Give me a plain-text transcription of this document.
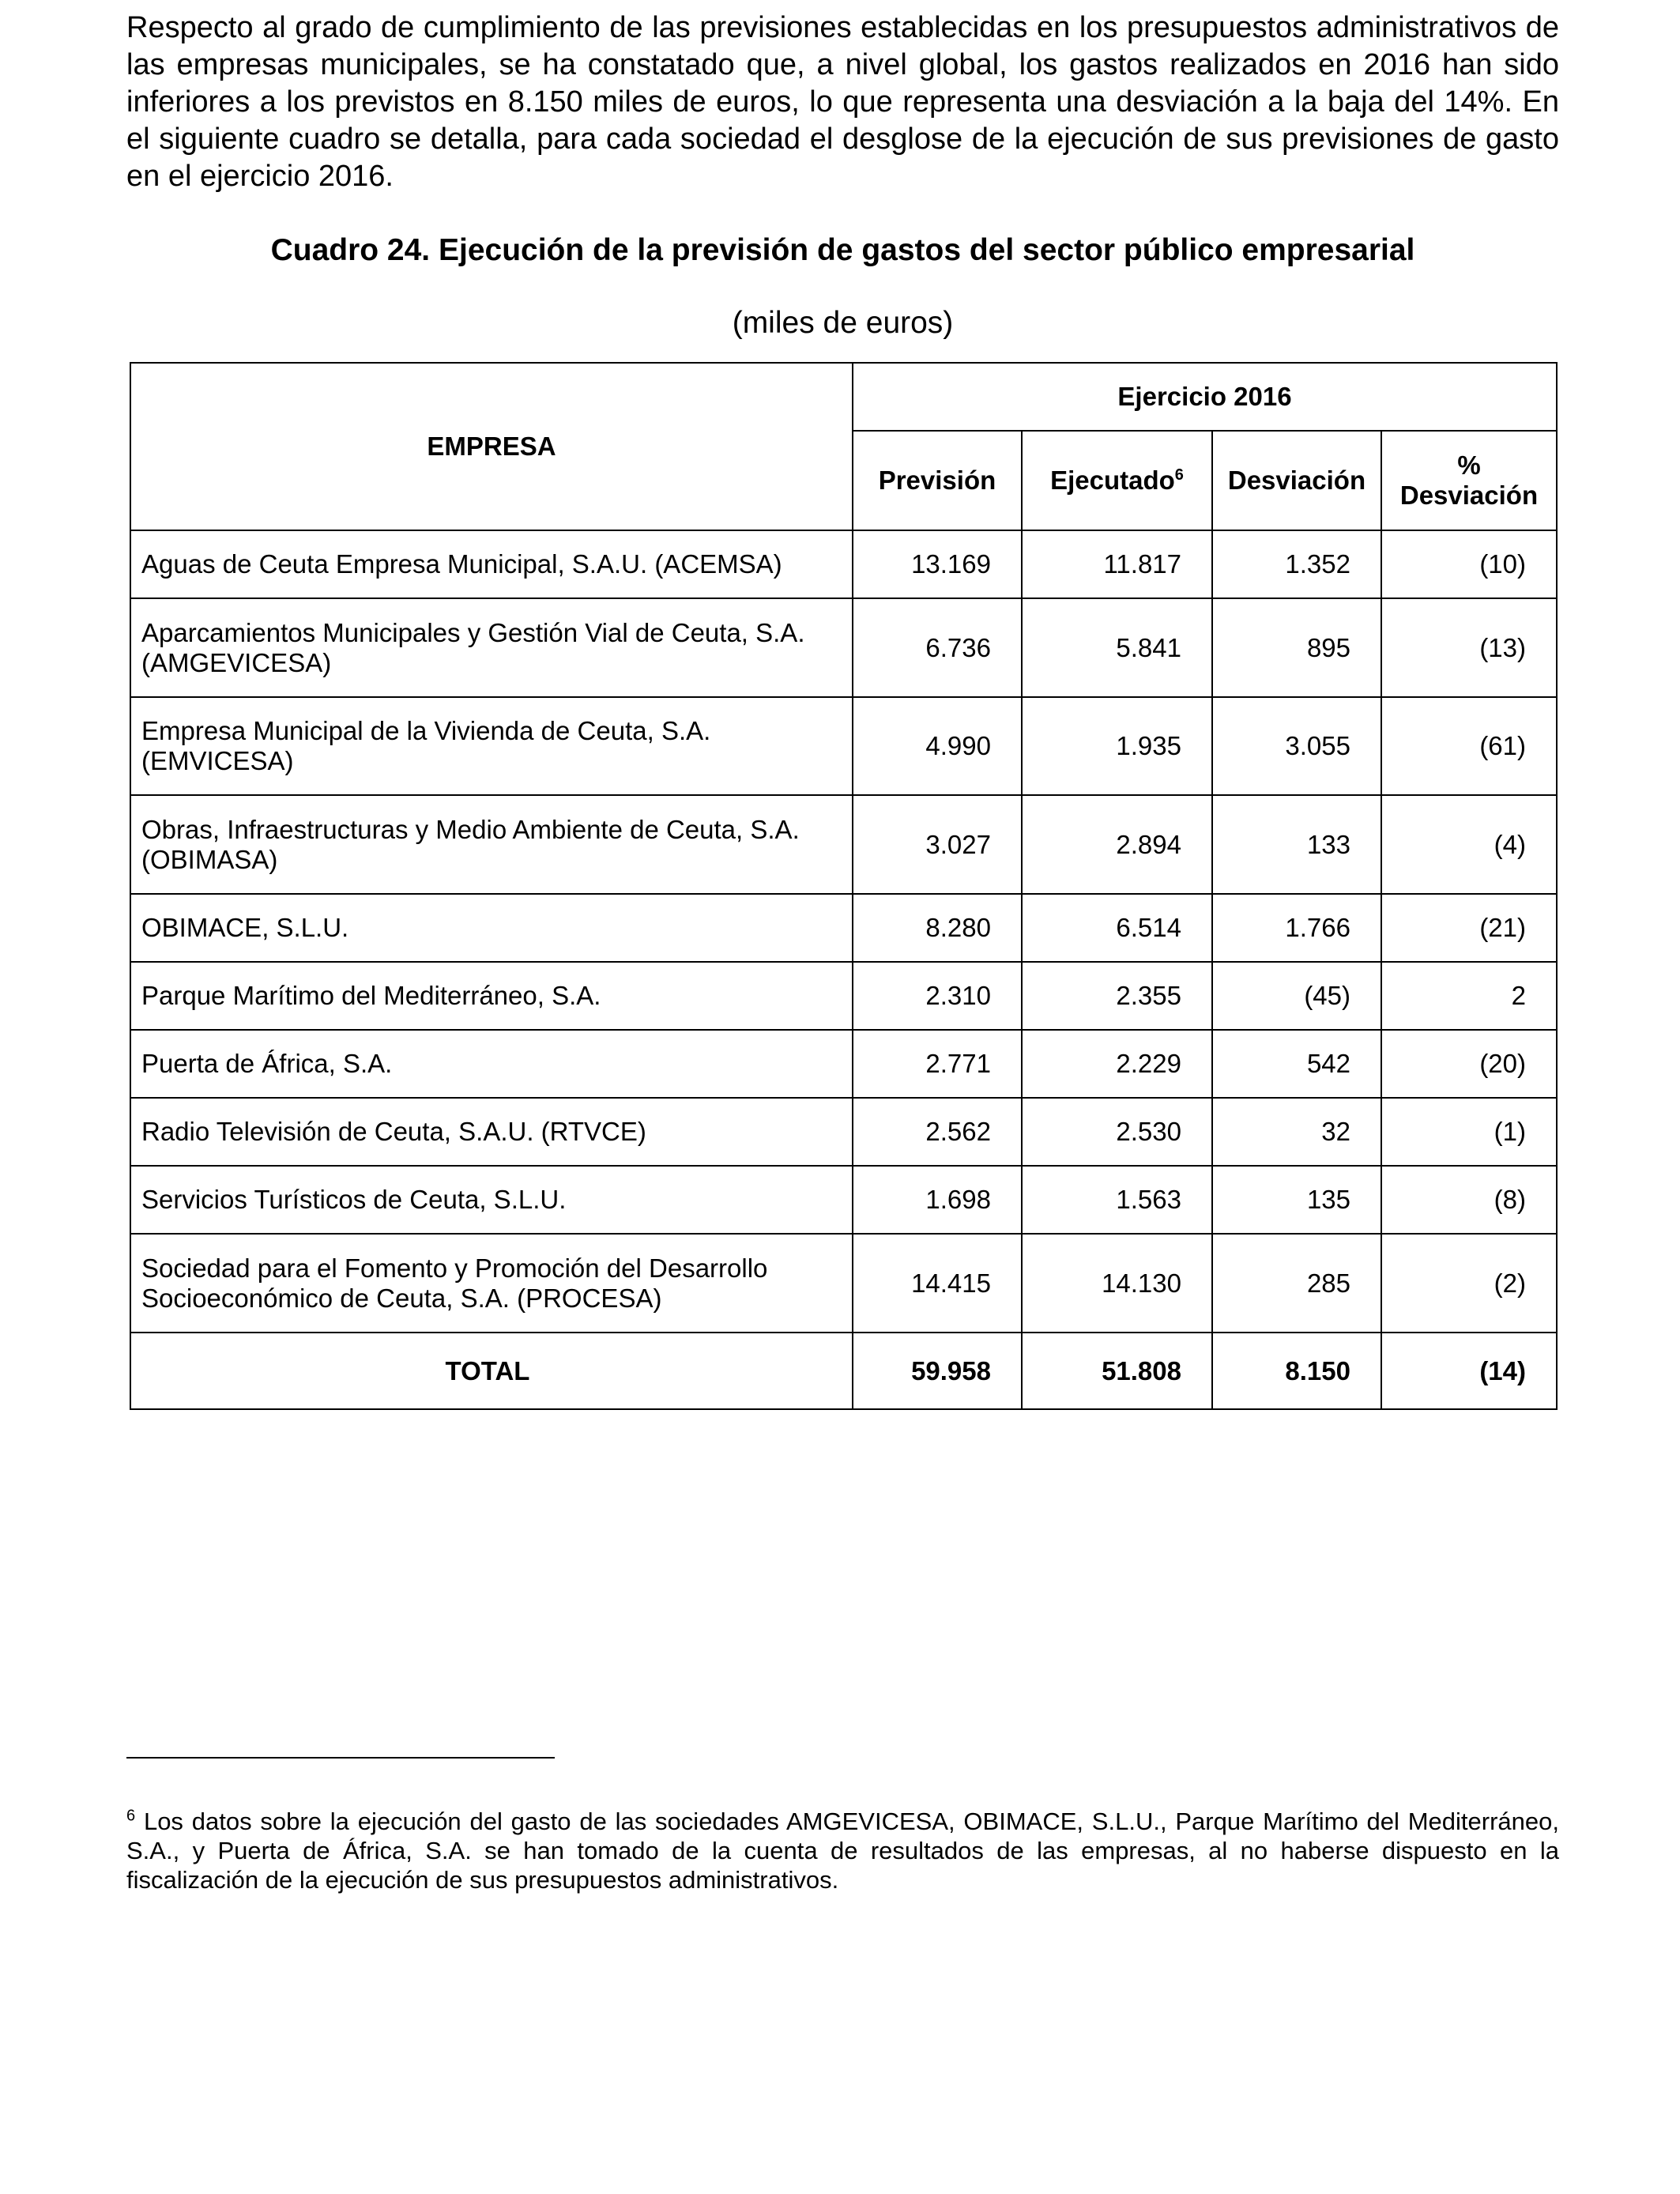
Respecto al grado de cumplimiento de las previsiones establecidas en los presupuestos administrativos de las empresas municipales, se ha constatado que, a nivel global, los gastos realizados en 2016 han sido inferiores a los previstos en 8.150 miles de euros, lo que representa una desviación a la baja del 14%. En el siguiente cuadro se detalla, para cada sociedad el desglose de la ejecución de sus previsiones de gasto en el ejercicio 2016.

Cuadro 24. Ejecución de la previsión de gastos del sector público empresarial

(miles de euros)

EMPRESA	Ejercicio 2016			
	Previsión	Ejecutado$^6$	Desviación	%
Desviación

Aguas de Ceuta Empresa Municipal, S.A.U. (ACEMSA)	13.169	11.817	1.352	(10)

Aparcamientos Municipales y Gestión Vial de Ceuta, S.A.
(AMGEVICESA)	6.736	5.841	895	(13)

Empresa Municipal de la Vivienda de Ceuta, S.A.
(EMVICESA)	4.990	1.935	3.055	(61)

Obras, Infraestructuras y Medio Ambiente de Ceuta, S.A.
(OBIMASA)	3.027	2.894	133	(4)

OBIMACE, S.L.U.	8.280	6.514	1.766	(21)

Parque Marítimo del Mediterráneo, S.A.	2.310	2.355	(45)	2

Puerta de África, S.A.	2.771	2.229	542	(20)

Radio Televisión de Ceuta, S.A.U. (RTVCE)	2.562	2.530	32	(1)

Servicios Turísticos de Ceuta, S.L.U.	1.698	1.563	135	(8)

Sociedad para el Fomento y Promoción del Desarrollo
Socioeconómico de Ceuta, S.A. (PROCESA)	14.415	14.130	285	(2)
TOTAL	59.958	51.808	8.150	(14)

$^6$ Los datos sobre la ejecución del gasto de las sociedades AMGEVICESA, OBIMACE, S.L.U., Parque Marítimo del Mediterráneo, S.A., y Puerta de África, S.A. se han tomado de la cuenta de resultados de las empresas, al no haberse dispuesto en la fiscalización de la ejecución de sus presupuestos administrativos.
